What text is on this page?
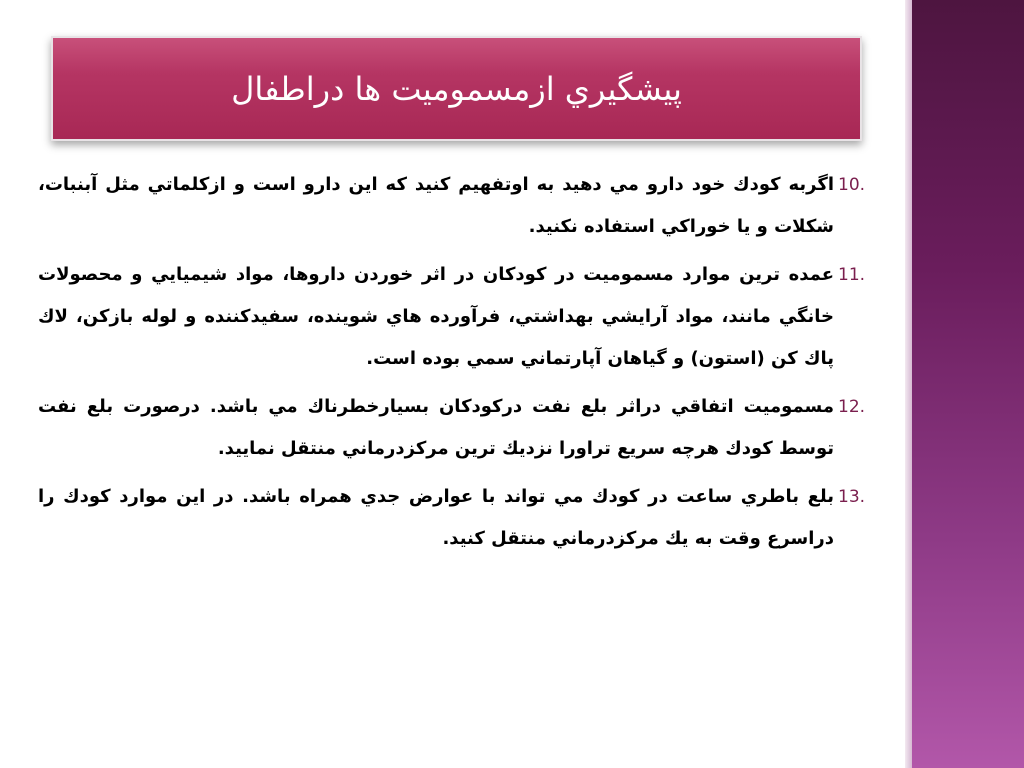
پيشگيري ازمسموميت ها دراطفال
10.
اگربه کودك خود دارو مي دهيد به اوتفهيم كنيد كه اين دارو است و ازكلماتي مثل آبنبات، شكلات و يا خوراكي استفاده نكنيد.
11.
عمده ترين موارد مسموميت در كودكان در اثر خوردن داروها، مواد شيميايي و محصولات خانگي مانند، مواد آرايشي بهداشتي، فرآورده هاي شوينده، سفيدكننده و لوله بازكن، لاك پاك كن (استون) و گياهان آپارتماني سمي بوده است.
12.
مسموميت اتفاقي دراثر بلع نفت دركودكان بسيارخطرناك مي باشد. درصورت بلع نفت توسط كودك هرچه سريع تراورا نزديك ترين مركزدرماني منتقل نماييد.
13.
بلع باطري ساعت در كودك مي تواند با عوارض جدي همراه باشد. در اين موارد كودك را دراسرع وقت به يك مركزدرماني منتقل كنيد.
